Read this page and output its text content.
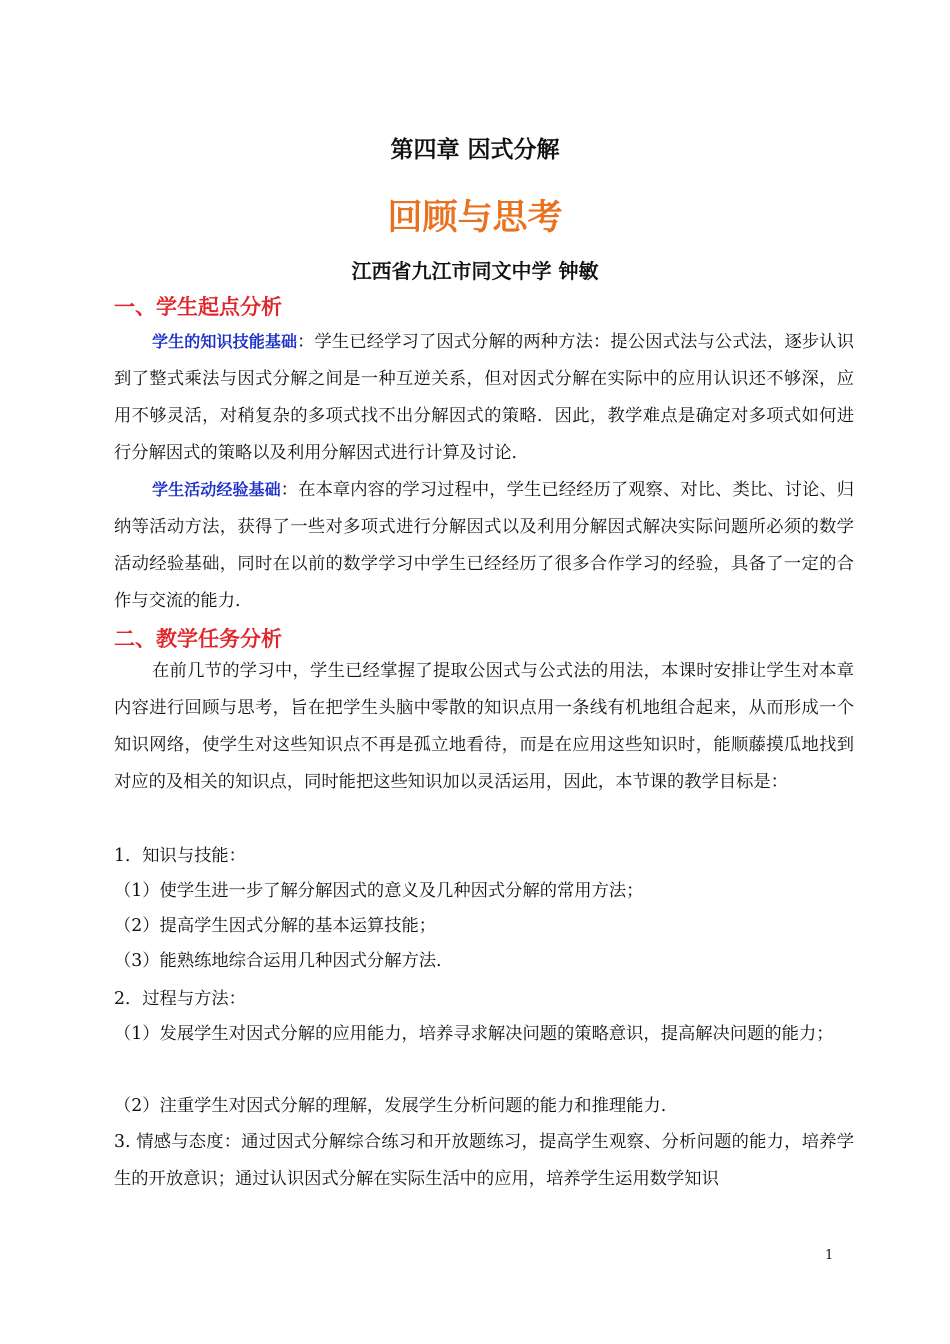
第四章 因式分解
回顾与思考
江西省九江市同文中学 钟敏
一、学生起点分析
学生的知识技能基础：学生已经学习了因式分解的两种方法：提公因式法与公式法，逐步认识到了整式乘法与因式分解之间是一种互逆关系，但对因式分解在实际中的应用认识还不够深，应用不够灵活，对稍复杂的多项式找不出分解因式的策略．因此，教学难点是确定对多项式如何进行分解因式的策略以及利用分解因式进行计算及讨论.
学生活动经验基础：在本章内容的学习过程中，学生已经经历了观察、对比、类比、讨论、归纳等活动方法，获得了一些对多项式进行分解因式以及利用分解因式解决实际问题所必须的数学活动经验基础，同时在以前的数学学习中学生已经经历了很多合作学习的经验，具备了一定的合作与交流的能力.
二、教学任务分析
在前几节的学习中，学生已经掌握了提取公因式与公式法的用法，本课时安排让学生对本章内容进行回顾与思考，旨在把学生头脑中零散的知识点用一条线有机地组合起来，从而形成一个知识网络，使学生对这些知识点不再是孤立地看待，而是在应用这些知识时，能顺藤摸瓜地找到对应的及相关的知识点，同时能把这些知识加以灵活运用，因此，本节课的教学目标是：
1．知识与技能：
（1）使学生进一步了解分解因式的意义及几种因式分解的常用方法；
（2）提高学生因式分解的基本运算技能；
（3）能熟练地综合运用几种因式分解方法.
2．过程与方法：
（1）发展学生对因式分解的应用能力，培养寻求解决问题的策略意识，提高解决问题的能力；
（2）注重学生对因式分解的理解，发展学生分析问题的能力和推理能力.
3. 情感与态度：通过因式分解综合练习和开放题练习，提高学生观察、分析问题的能力，培养学生的开放意识；通过认识因式分解在实际生活中的应用，培养学生运用数学知识
1
